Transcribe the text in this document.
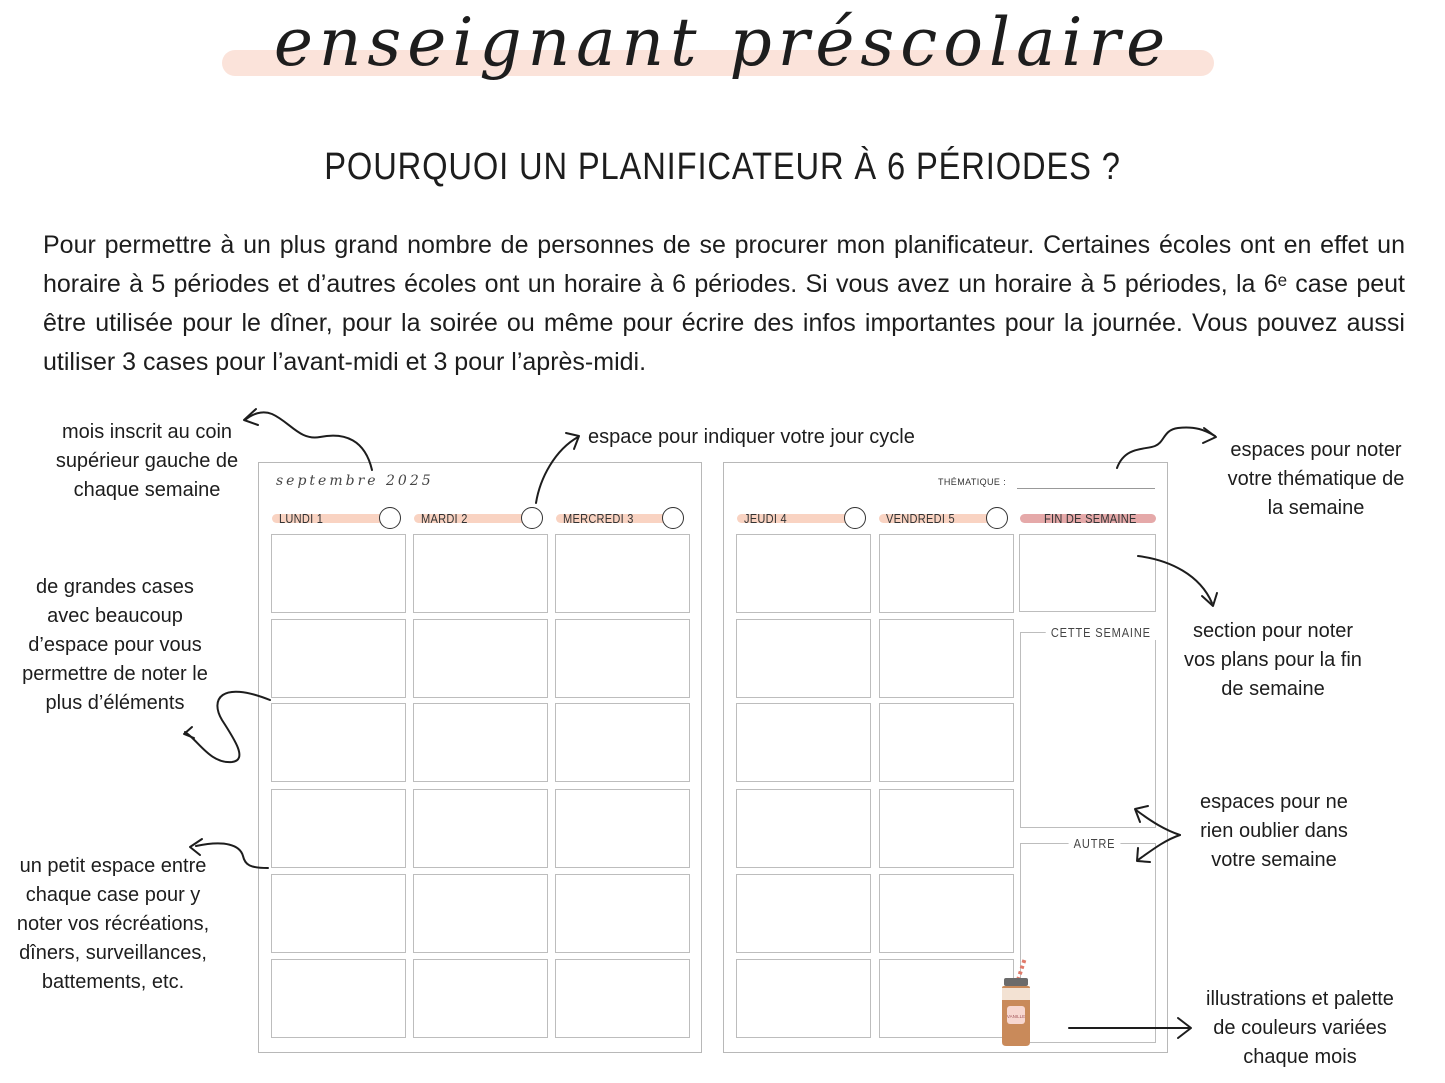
enseignant préscolaire
POURQUOI UN PLANIFICATEUR À 6 PÉRIODES ?

Pour permettre à un plus grand nombre de personnes de se procurer mon planificateur. Certaines écoles ont en effet un horaire à 5 périodes et d’autres écoles ont un horaire à 6 périodes. Si vous avez un horaire à 5 périodes, la 6ᵉ case peut être utilisée pour le dîner, pour la soirée ou même pour écrire des infos importantes pour la journée. Vous pouvez aussi utiliser 3 cases pour l’avant-midi et 3 pour l’après-midi.

mois inscrit au coin supérieur gauche de chaque semaine
espace pour indiquer votre jour cycle
de grandes cases avec beaucoup d’espace pour vous permettre de noter le plus d’éléments
un petit espace entre chaque case pour y noter vos récréations, dîners, surveillances, battements, etc.
espaces pour noter votre thématique de la semaine
section pour noter vos plans pour la fin de semaine
espaces pour ne rien oublier dans votre semaine
illustrations et palette de couleurs variées chaque mois
septembre 2025
LUNDI 1	MARDI 2	MERCREDI 3
THÉMATIQUE :
JEUDI 4	VENDREDI 5	FIN DE SEMAINE
CETTE SEMAINE
AUTRE
VANILLE
